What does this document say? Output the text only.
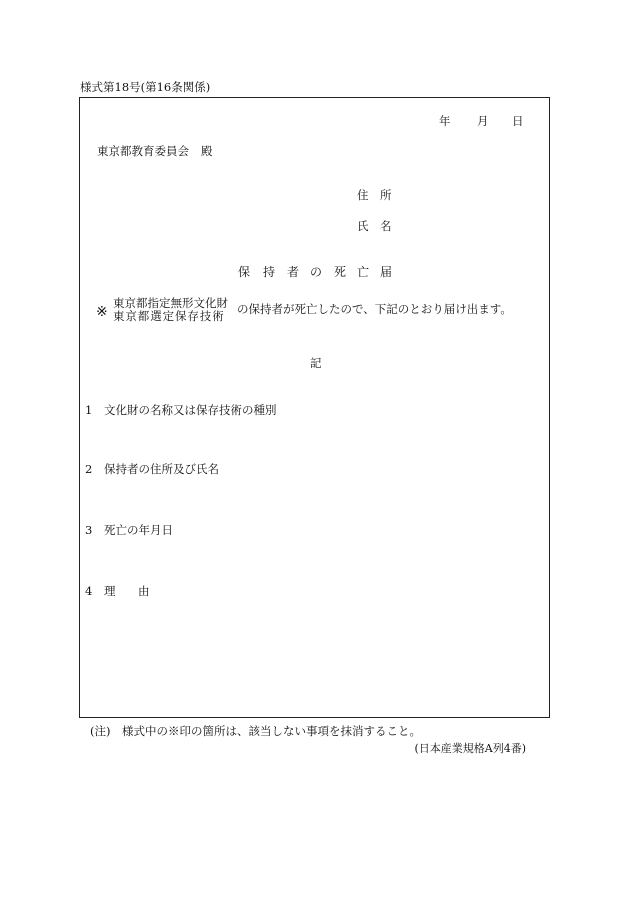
様式第18号(第16条関係)
年 月 日
東京都教育委員会 殿
住 所
氏 名
保 持 者 の 死 亡 届
※
東京都指定無形文化財
東京都選定保存技術 の保持者が死亡したので、下記のとおり届け出ます。
記
1 文化財の名称又は保存技術の種別
2 保持者の住所及び氏名
3 死亡の年月日
4 理 由
(注)　様式中の※印の箇所は、該当しない事項を抹消すること。
(日本産業規格A列4番)
